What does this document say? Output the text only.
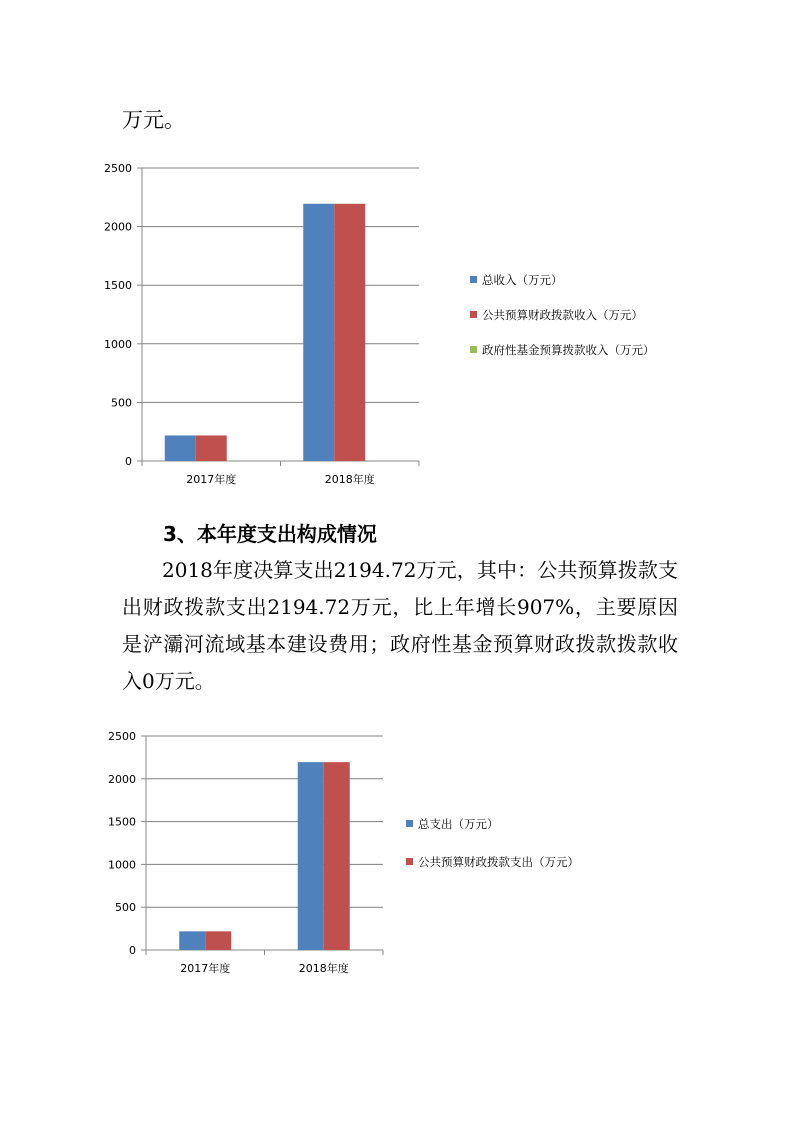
万元。
0
500
1000
1500
2000
2500
2017年度	2018年度
总收入（万元）
公共预算财政拨款收入（万元）
政府性基金预算拨款收入（万元）
3、本年度支出构成情况

2018年度决算支出2194.72万元，其中：公共预算拨款支出财政拨款支出2194.72万元，比上年增长907%，主要原因是浐灞河流域基本建设费用；政府性基金预算财政拨款拨款收入0万元。

0
500
1000
1500
2000
2500
2017年度	2018年度
总支出（万元）
公共预算财政拨款支出（万元）
